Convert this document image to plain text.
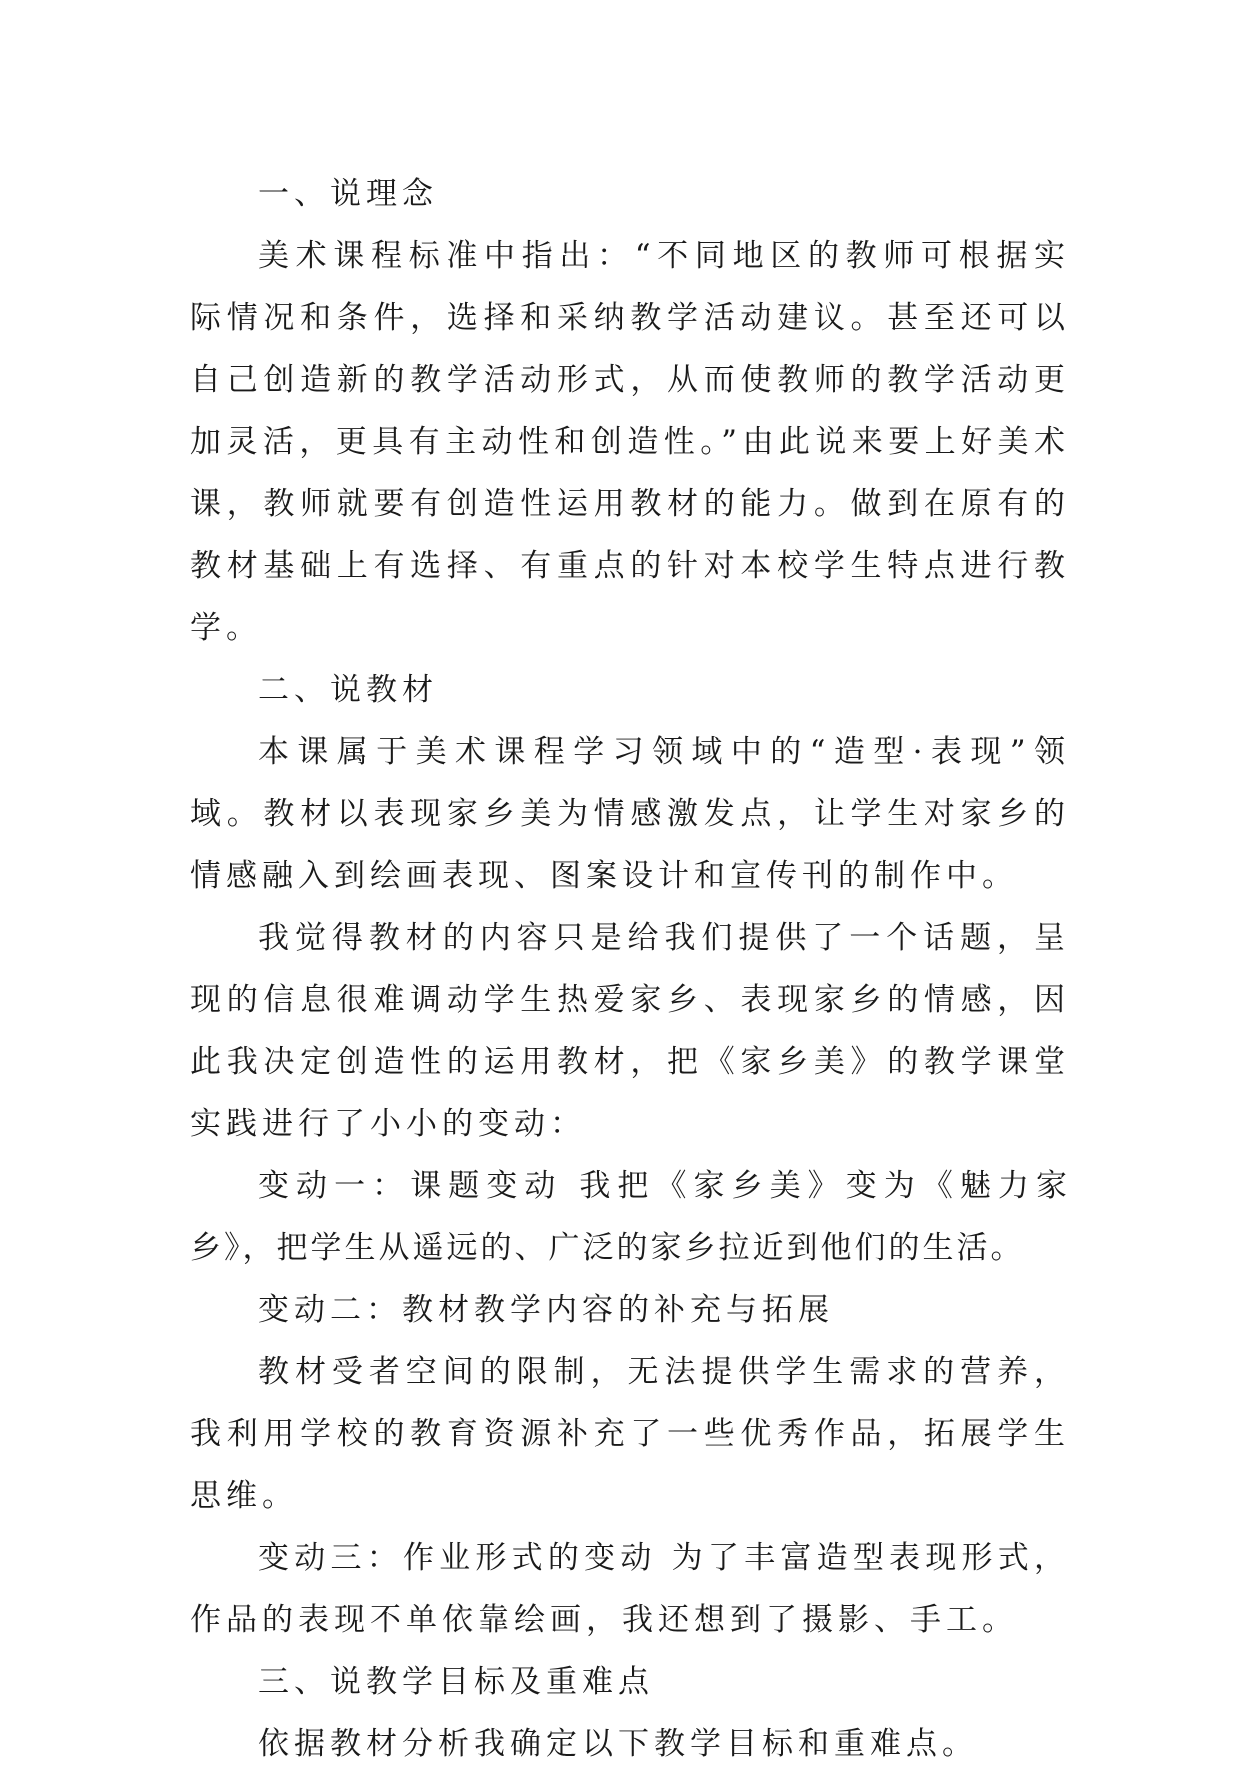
一、说理念

美术课程标准中指出：“不同地区的教师可根据实际情况和条件，选择和采纳教学活动建议。甚至还可以自己创造新的教学活动形式，从而使教师的教学活动更加灵活，更具有主动性和创造性。”由此说来要上好美术课，教师就要有创造性运用教材的能力。做到在原有的教材基础上有选择、有重点的针对本校学生特点进行教学。

二、说教材

本课属于美术课程学习领域中的“造型·表现”领域。教材以表现家乡美为情感激发点，让学生对家乡的情感融入到绘画表现、图案设计和宣传刊的制作中。

我觉得教材的内容只是给我们提供了一个话题，呈现的信息很难调动学生热爱家乡、表现家乡的情感，因此我决定创造性的运用教材，把《家乡美》的教学课堂实践进行了小小的变动：

变动一：课题变动 我把《家乡美》变为《魅力家乡》，把学生从遥远的、广泛的家乡拉近到他们的生活。

变动二：教材教学内容的补充与拓展

教材受者空间的限制，无法提供学生需求的营养，我利用学校的教育资源补充了一些优秀作品，拓展学生思维。

变动三：作业形式的变动 为了丰富造型表现形式，作品的表现不单依靠绘画，我还想到了摄影、手工。

三、说教学目标及重难点

依据教材分析我确定以下教学目标和重难点。
